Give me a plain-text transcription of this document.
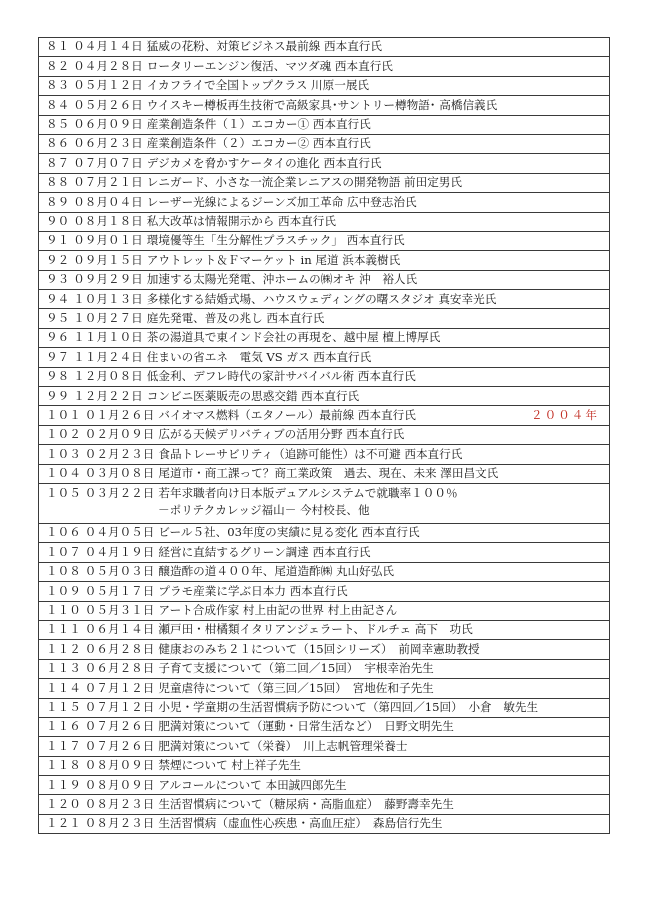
８１ ０４月１４日 猛威の花粉、対策ビジネス最前線 西本直行氏
８２ ０４月２８日 ロータリーエンジン復活、マツダ魂 西本直行氏
８３ ０５月１２日 イカフライで全国トップクラス 川原一展氏
８４ ０５月２６日 ウイスキー樽板再生技術で高級家具･サントリー樽物語･ 高橋信義氏
８５ ０６月０９日 産業創造条件（１）エコカー① 西本直行氏
８６ ０６月２３日 産業創造条件（２）エコカー② 西本直行氏
８７ ０７月０７日 デジカメを脅かすケータイの進化 西本直行氏
８８ ０７月２１日 レニガード、小さな一流企業レニアスの開発物語 前田定男氏
８９ ０８月０４日 レーザー光線によるジーンズ加工革命 広中登志治氏
９０ ０８月１８日 私大改革は情報開示から 西本直行氏
９１ ０９月０１日 環境優等生「生分解性プラスチック」 西本直行氏
９２ ０９月１５日 アウトレット＆Ｆマーケット in 尾道 浜本義樹氏
９３ ０９月２９日 加速する太陽光発電、沖ホームの㈱オキ 沖　裕人氏
９４ １０月１３日 多様化する結婚式場、ハウスウェディングの曙スタジオ 真安幸光氏
９５ １０月２７日 庭先発電、普及の兆し 西本直行氏
９６ １１月１０日 茶の湯道具で東インド会社の再現を、越中屋 檀上博厚氏
９７ １１月２４日 住まいの省エネ　電気 VS ガス 西本直行氏
９８ １２月０８日 低金利、デフレ時代の家計サバイバル術 西本直行氏
９９ １２月２２日 コンビニ医薬販売の思惑交錯 西本直行氏
１０１ ０１月２６日 バイオマス燃料（エタノール）最前線 西本直行氏	２００４年

１０２ ０２月０９日 広がる天候デリバティブの活用分野 西本直行氏
１０３ ０２月２３日 食品トレーサビリティ（追跡可能性）は不可避 西本直行氏
１０４ ０３月０８日 尾道市・商工課って？商工業政策　過去、現在、未来 澤田昌文氏
１０５ ０３月２２日 若年求職者向け日本版デュアルシステムで就職率１００％
－ポリテクカレッジ福山－ 今村校長、他

１０６ ０４月０５日 ビール５社、03年度の実績に見る変化 西本直行氏
１０７ ０４月１９日 経営に直結するグリーン調達 西本直行氏
１０８ ０５月０３日 醸造酢の道４００年、尾道造酢㈱ 丸山好弘氏
１０９ ０５月１７日 プラモ産業に学ぶ日本力 西本直行氏
１１０ ０５月３１日 アート合成作家 村上由記の世界 村上由記さん
１１１ ０６月１４日 瀬戸田・柑橘類イタリアンジェラート、ドルチェ 高下　功氏
１１２ ０６月２８日 健康おのみち２１について（15回シリーズ）　前岡幸憲助教授
１１３ ０６月２８日 子育て支援について（第二回／15回）　宇根幸治先生
１１４ ０７月１２日 児童虐待について（第三回／15回）　宮地佐和子先生
１１５ ０７月１２日 小児・学童期の生活習慣病予防について（第四回／15回）　小倉　敏先生
１１６ ０７月２６日 肥満対策について（運動・日常生活など）　日野文明先生
１１７ ０７月２６日 肥満対策について（栄養）　川上志帆管理栄養士
１１８ ０８月０９日 禁煙について 村上祥子先生
１１９ ０８月０９日 アルコールについて 本田誠四郎先生
１２０ ０８月２３日 生活習慣病について（糖尿病・高脂血症）　藤野壽幸先生
１２１ ０８月２３日 生活習慣病（虚血性心疾患・高血圧症）　森島信行先生
